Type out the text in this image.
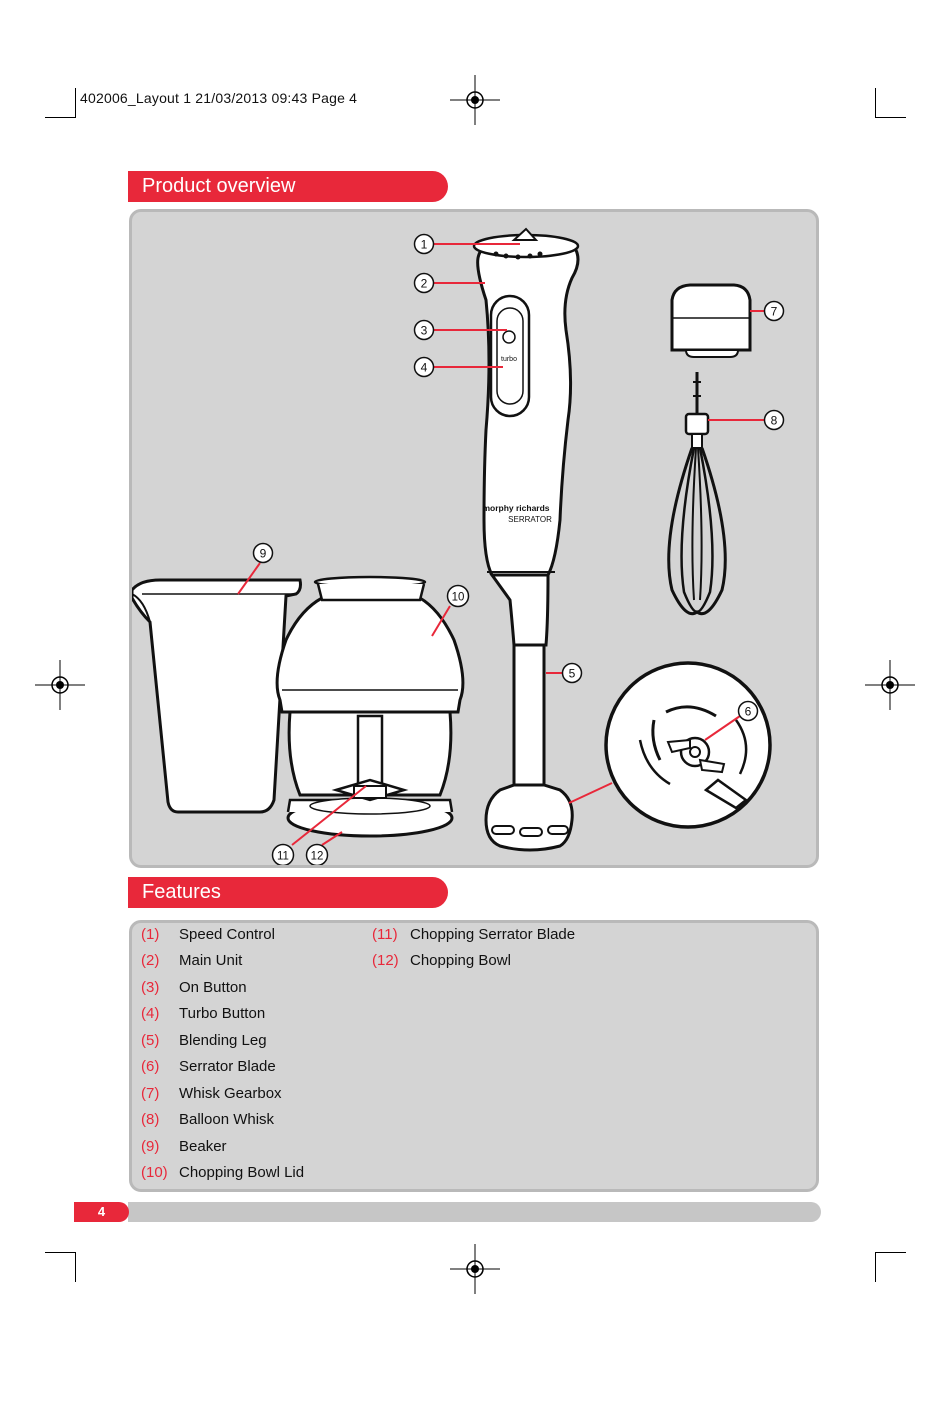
402006_Layout 1 21/03/2013 09:43 Page 4
Product overview
turbo
morphy richards
SERRATOR
1
2
3
4
5
6
7
8
9
10
11 12
Features
(1) Speed Control
(2) Main Unit
(3) On Button
(4) Turbo Button
(5) Blending Leg
(6) Serrator Blade
(7) Whisk Gearbox
(8) Balloon Whisk
(9) Beaker
(10) Chopping Bowl Lid
(11) Chopping Serrator Blade
(12) Chopping Bowl
4
